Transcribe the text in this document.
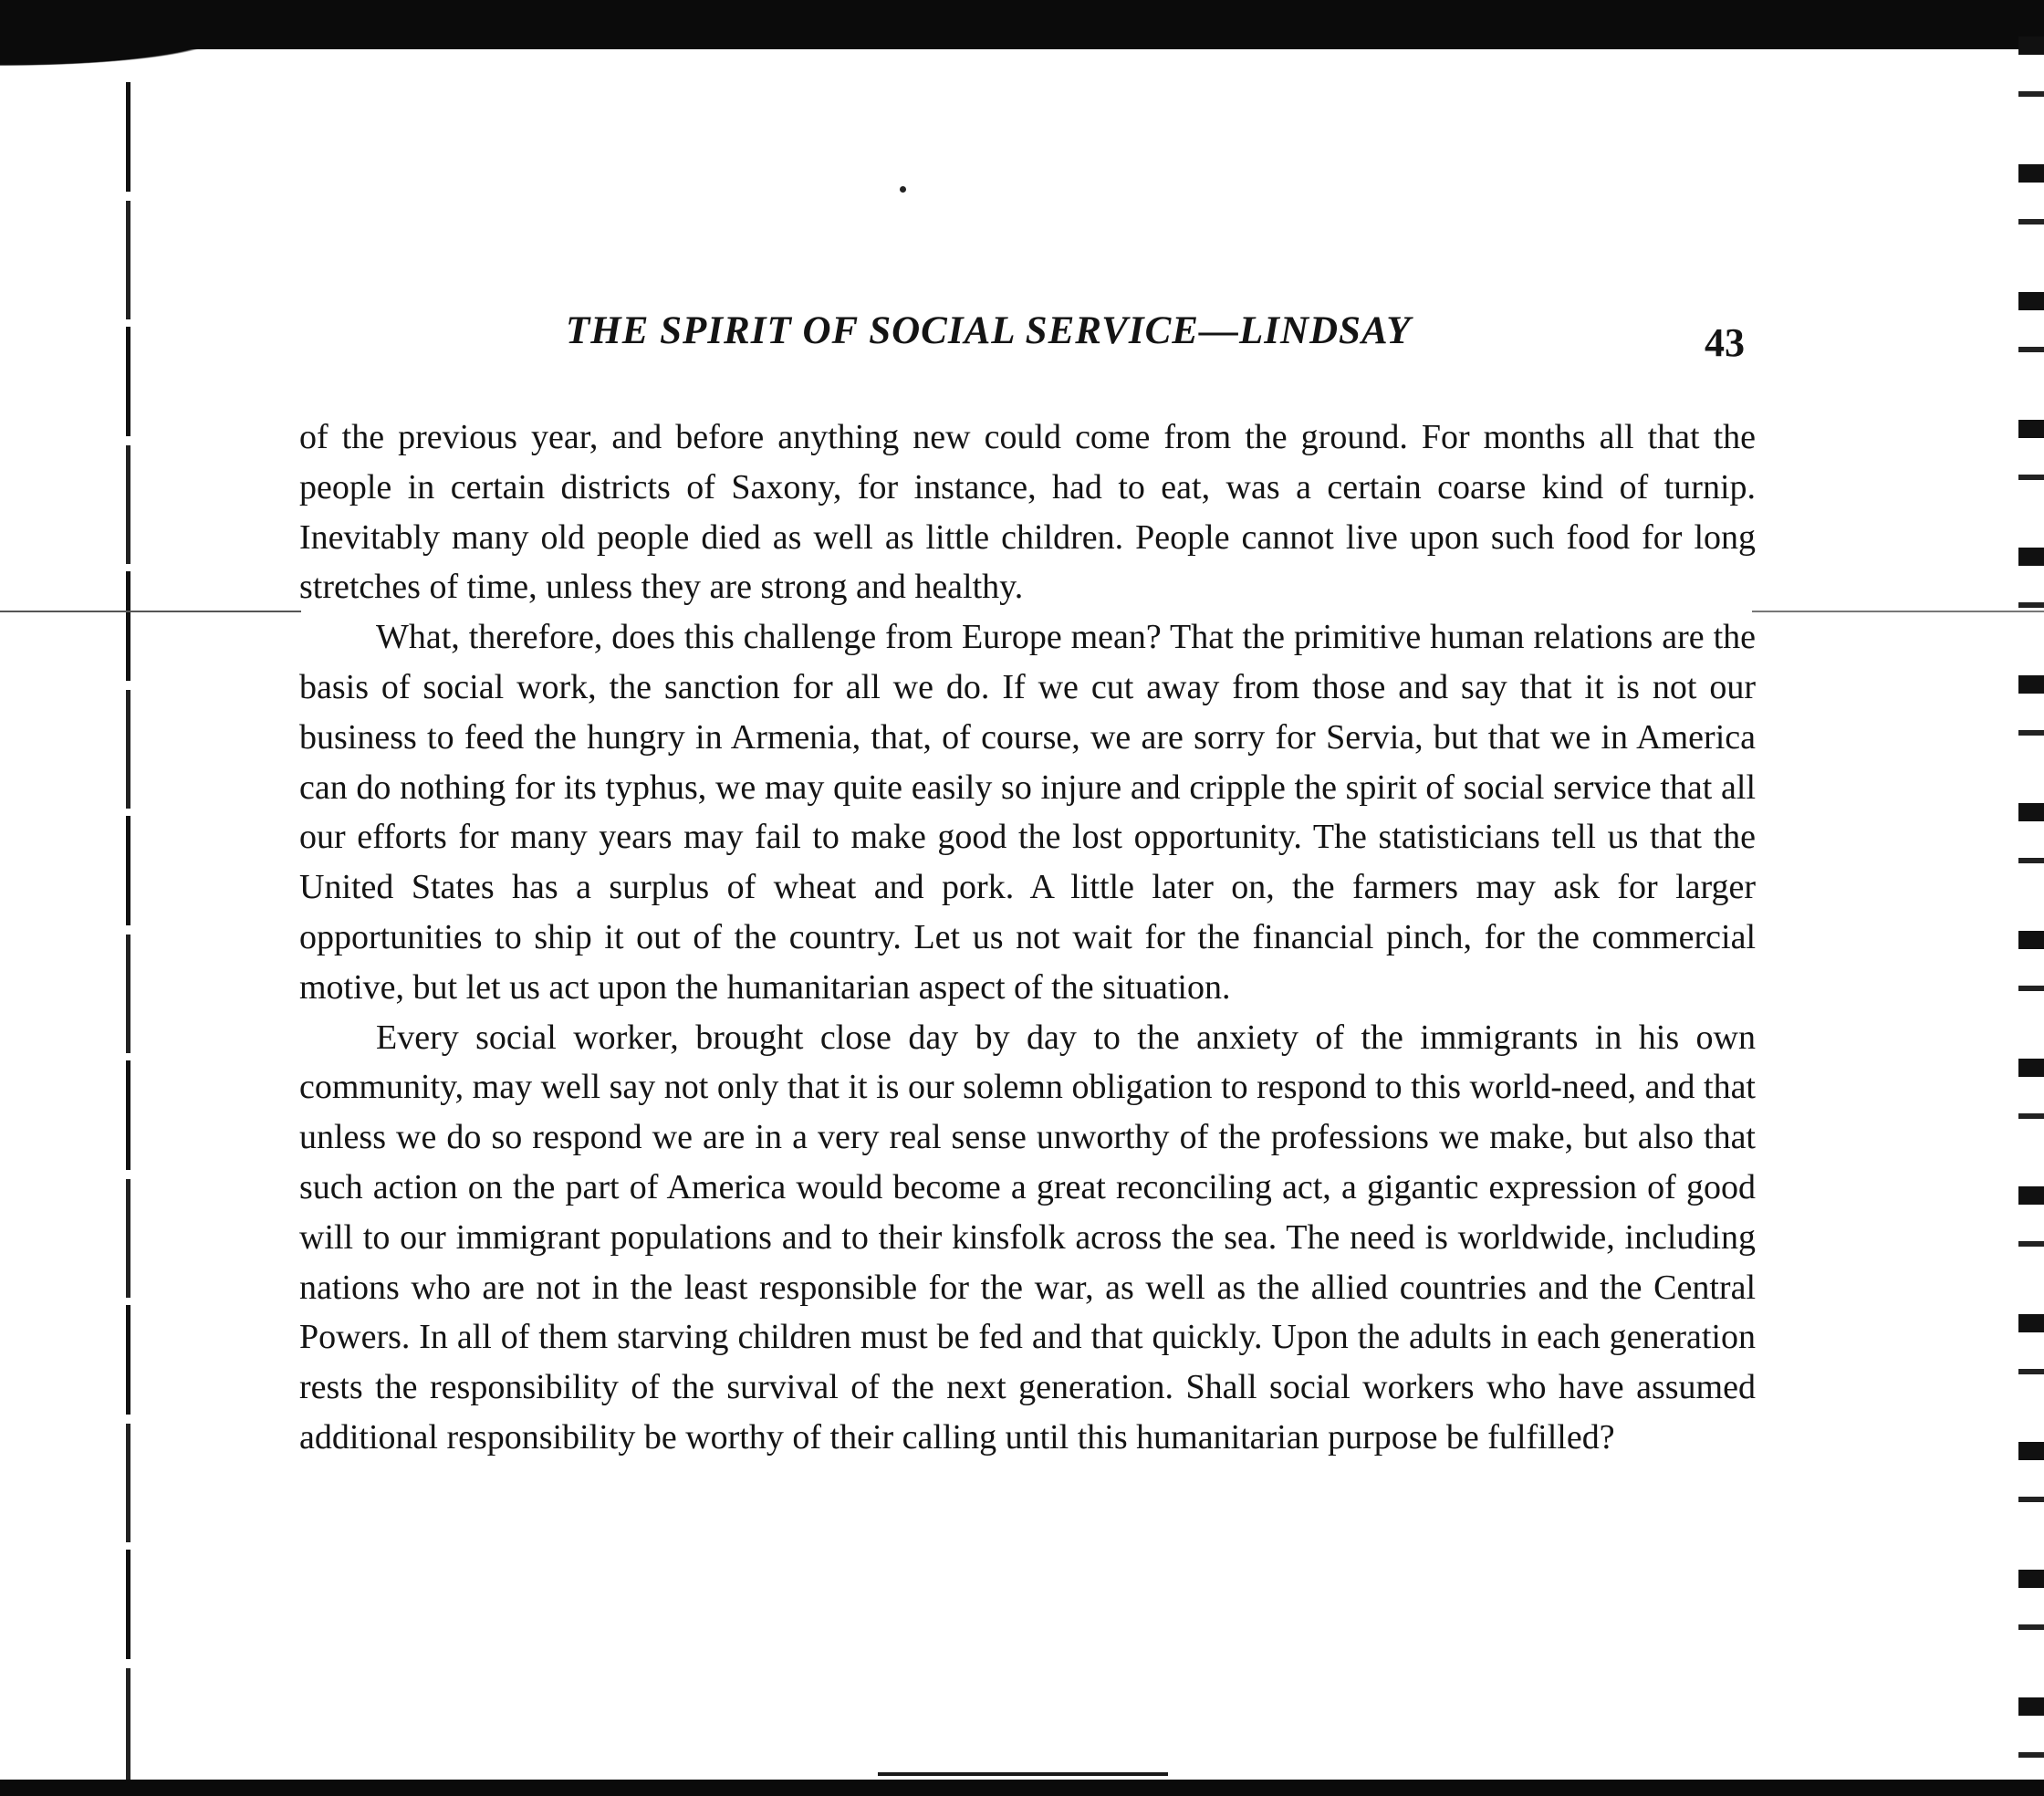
THE SPIRIT OF SOCIAL SERVICE—LINDSAY	43

of the previous year, and before anything new could come from the ground. For months all that the people in certain districts of Saxony, for instance, had to eat, was a certain coarse kind of turnip. Inevitably many old people died as well as little children. People cannot live upon such food for long stretches of time, unless they are strong and healthy.

What, therefore, does this challenge from Europe mean? That the primitive human relations are the basis of social work, the sanction for all we do. If we cut away from those and say that it is not our business to feed the hungry in Armenia, that, of course, we are sorry for Servia, but that we in America can do nothing for its typhus, we may quite easily so injure and cripple the spirit of social service that all our efforts for many years may fail to make good the lost opportunity. The statisticians tell us that the United States has a surplus of wheat and pork. A little later on, the farmers may ask for larger opportunities to ship it out of the country. Let us not wait for the financial pinch, for the commercial motive, but let us act upon the humanitarian aspect of the situation.

Every social worker, brought close day by day to the anxiety of the immigrants in his own community, may well say not only that it is our solemn obligation to respond to this world-need, and that unless we do so respond we are in a very real sense unworthy of the professions we make, but also that such action on the part of America would become a great reconciling act, a gigantic expression of good will to our immigrant populations and to their kinsfolk across the sea. The need is worldwide, including nations who are not in the least responsible for the war, as well as the allied countries and the Central Powers. In all of them starving children must be fed and that quickly. Upon the adults in each generation rests the responsibility of the survival of the next generation. Shall social workers who have assumed additional responsibility be worthy of their calling until this humanitarian purpose be fulfilled?
